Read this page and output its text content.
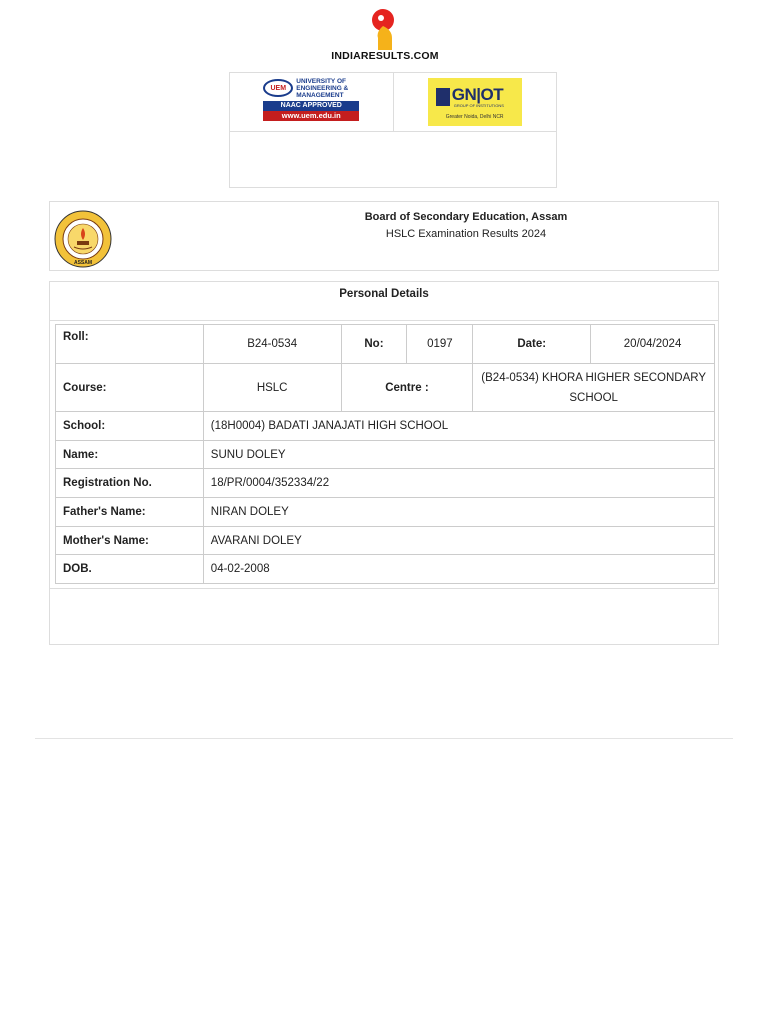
INDIARESULTS.COM
UEM
UNIVERSITY OF
ENGINEERING &
MANAGEMENT
NAAC APPROVED
www.uem.edu.in
GN|OT
GROUP OF INSTITUTIONS
Greater Noida, Delhi NCR
ASSAM
Board of Secondary Education, Assam
HSLC Examination Results 2024
Personal Details
Roll:	B24-0534	No:	0197	Date:	20/04/2024
Course:	HSLC	Centre :		(B24-0534) KHORA HIGHER SECONDARY SCHOOL	
School:	(18H0004) BADATI JANAJATI HIGH SCHOOL				
Name:	SUNU DOLEY				
Registration No.	18/PR/0004/352334/22				
Father's Name:	NIRAN DOLEY				
Mother's Name:	AVARANI DOLEY				
DOB.	04-02-2008				
